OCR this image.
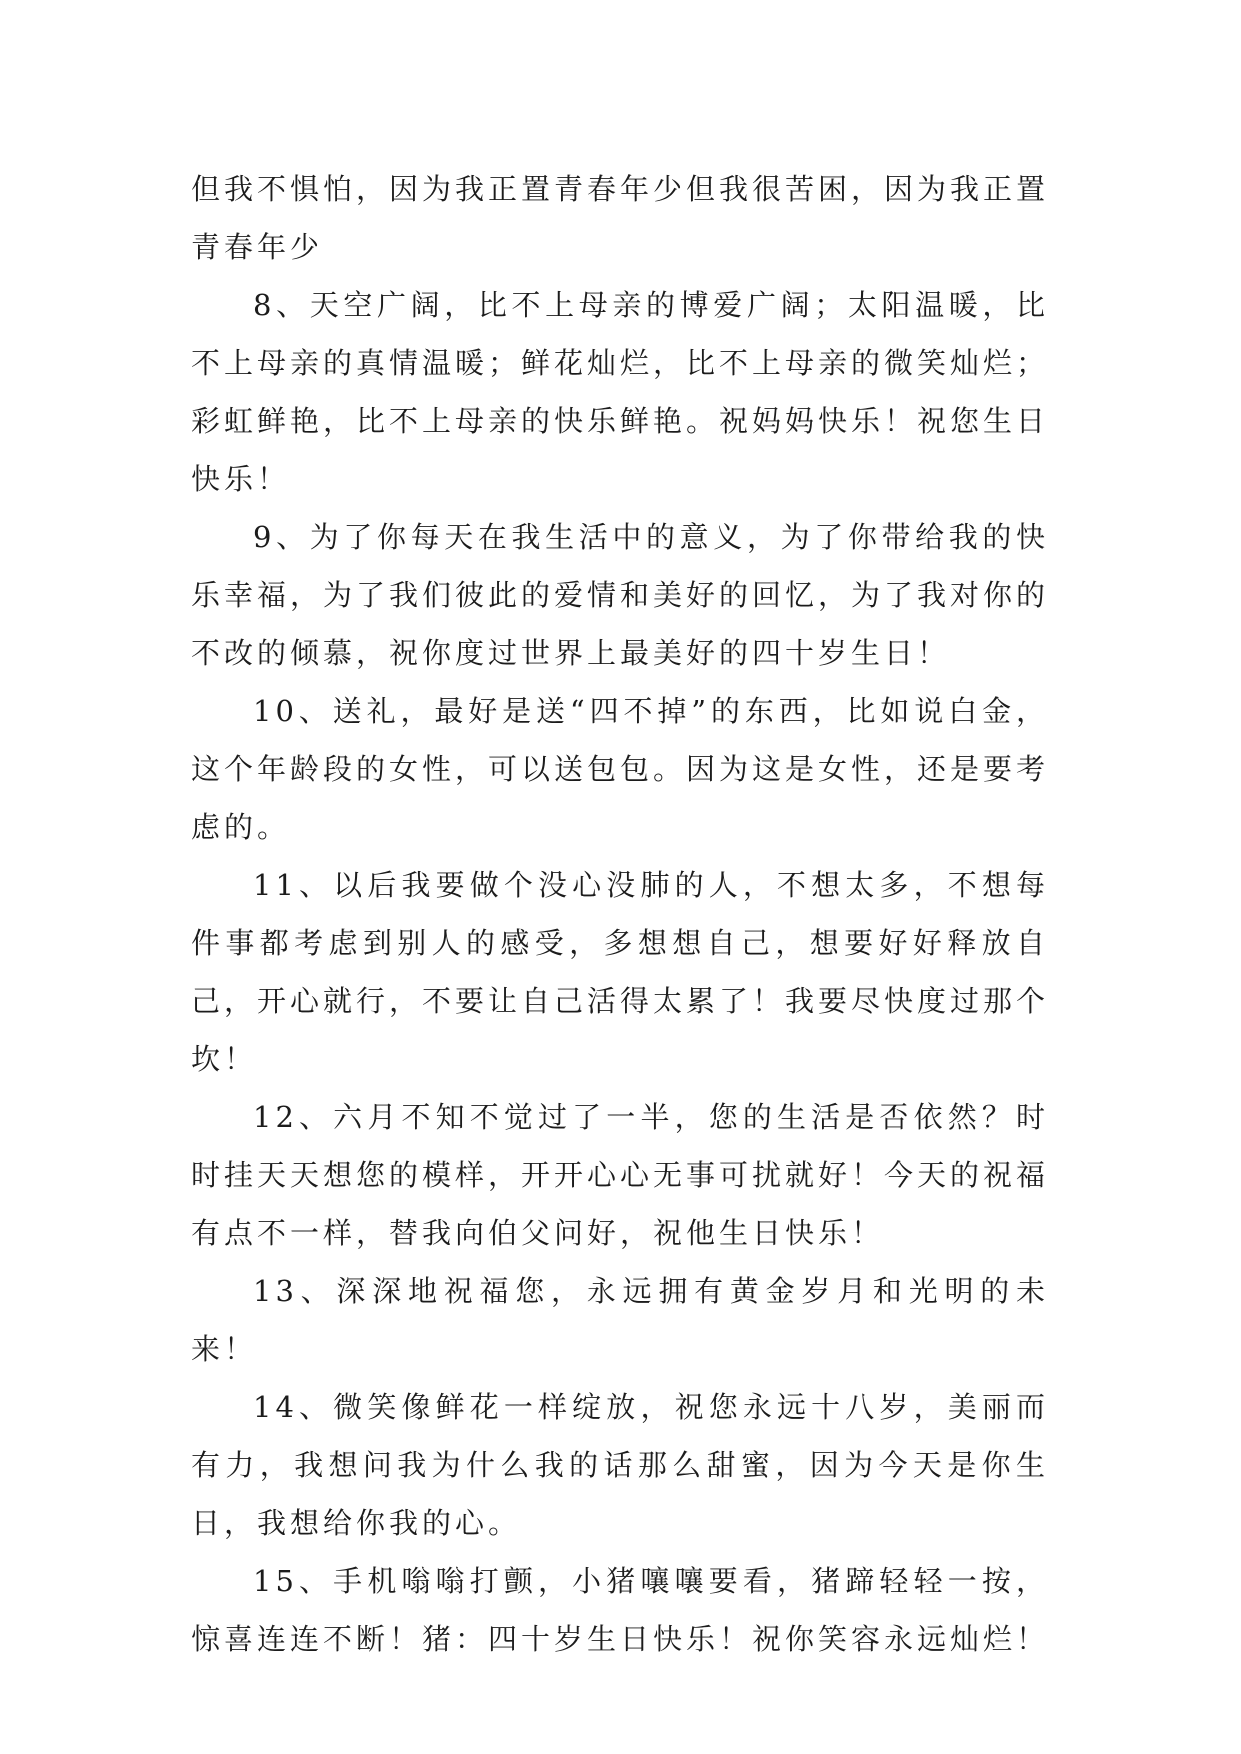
但我不惧怕，因为我正置青春年少但我很苦困，因为我正置青春年少

8、天空广阔，比不上母亲的博爱广阔；太阳温暖，比不上母亲的真情温暖；鲜花灿烂，比不上母亲的微笑灿烂；彩虹鲜艳，比不上母亲的快乐鲜艳。祝妈妈快乐！祝您生日快乐！

9、为了你每天在我生活中的意义，为了你带给我的快乐幸福，为了我们彼此的爱情和美好的回忆，为了我对你的不改的倾慕，祝你度过世界上最美好的四十岁生日！

10、送礼，最好是送“四不掉”的东西，比如说白金，这个年龄段的女性，可以送包包。因为这是女性，还是要考虑的。

11、以后我要做个没心没肺的人，不想太多，不想每件事都考虑到别人的感受，多想想自己，想要好好释放自己，开心就行，不要让自己活得太累了！我要尽快度过那个坎！

12、六月不知不觉过了一半，您的生活是否依然？时时挂天天想您的模样，开开心心无事可扰就好！今天的祝福有点不一样，替我向伯父问好，祝他生日快乐！

13、深深地祝福您，永远拥有黄金岁月和光明的未来！

14、微笑像鲜花一样绽放，祝您永远十八岁，美丽而有力，我想问我为什么我的话那么甜蜜，因为今天是你生日，我想给你我的心。

15、手机嗡嗡打颤，小猪嚷嚷要看，猪蹄轻轻一按，惊喜连连不断！猪：四十岁生日快乐！祝你笑容永远灿烂！
